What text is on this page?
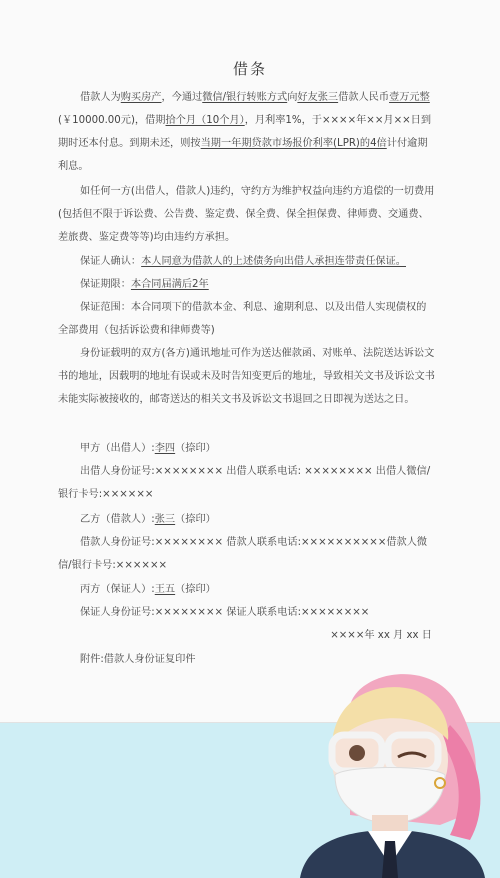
借条
借款人为购买房产，今通过微信/银行转账方式向好友张三借款人民币壹万元整(￥10000.00元)，借期拾个月（10个月），月利率1%，于××××年××月××日到期时还本付息。到期未还，则按当期一年期贷款市场报价利率(LPR)的4倍计付逾期利息。
如任何一方(出借人，借款人)违约，守约方为维护权益向违约方追偿的一切费用(包括但不限于诉讼费、公告费、鉴定费、保全费、保全担保费、律师费、交通费、差旅费、鉴定费等等)均由违约方承担。
保证人确认：本人同意为借款人的上述债务向出借人承担连带责任保证。
保证期限：本合同届满后2年
保证范围：本合同项下的借款本金、利息、逾期利息、以及出借人实现债权的全部费用（包括诉讼费和律师费等)
身份证载明的双方(各方)通讯地址可作为送达催款函、对账单、法院送达诉讼文书的地址，因载明的地址有误或未及时告知变更后的地址，导致相关文书及诉讼文书未能实际被接收的，邮寄送达的相关文书及诉讼文书退回之日即视为送达之日。
甲方（出借人）:李四（捺印）
出借人身份证号:×××××××× 出借人联系电话: ×××××××× 出借人微信/银行卡号:××××××
乙方（借款人）:张三（捺印）
借款人身份证号:×××××××× 借款人联系电话:××××××××××借款人微信/银行卡号:××××××
丙方（保证人）:王五（捺印）
保证人身份证号:×××××××× 保证人联系电话:××××××××
××××年 xx 月 xx 日
附件:借款人身份证复印件
